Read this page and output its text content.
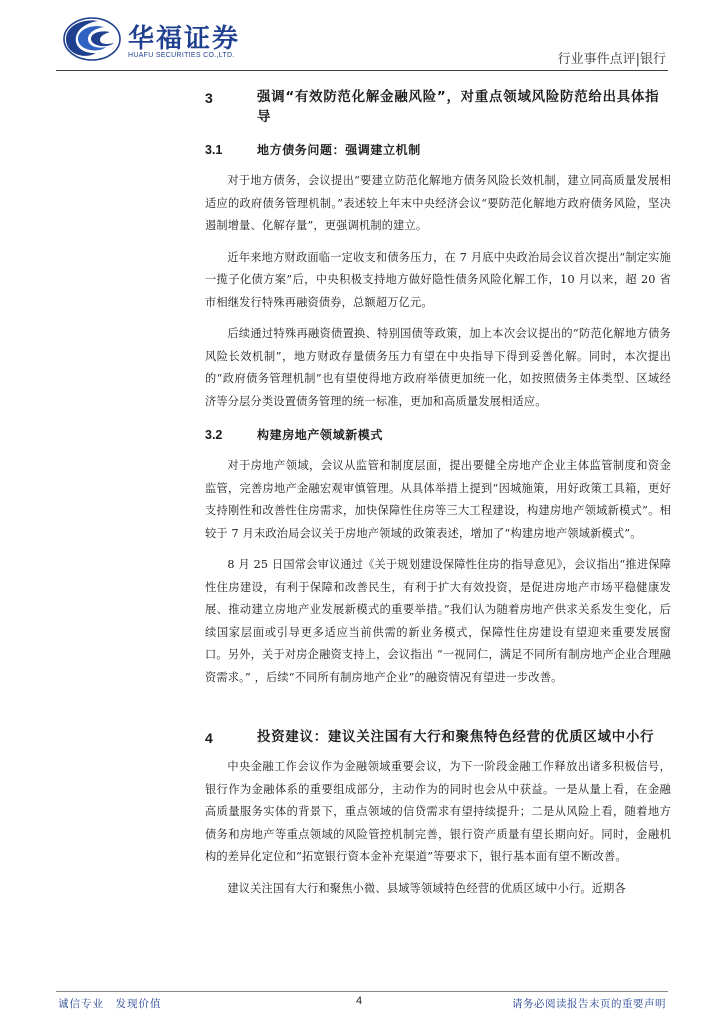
华福证券
HUAFU SECURITIES CO.,LTD.	行业事件点评|银行
3	强调“有效防范化解金融风险”，对重点领域风险防范给出具体指导
3.1	地方债务问题：强调建立机制

对于地方债务，会议提出“要建立防范化解地方债务风险长效机制，建立同高质量发展相适应的政府债务管理机制。”表述较上年末中央经济会议“要防范化解地方政府债务风险，坚决遏制增量、化解存量”，更强调机制的建立。

近年来地方财政面临一定收支和债务压力，在 7 月底中央政治局会议首次提出“制定实施一揽子化债方案”后，中央积极支持地方做好隐性债务风险化解工作，10 月以来，超 20 省市相继发行特殊再融资债券，总额超万亿元。

后续通过特殊再融资债置换、特别国债等政策，加上本次会议提出的“防范化解地方债务风险长效机制”，地方财政存量债务压力有望在中央指导下得到妥善化解。同时，本次提出的“政府债务管理机制”也有望使得地方政府举债更加统一化，如按照债务主体类型、区域经济等分层分类设置债务管理的统一标准，更加和高质量发展相适应。

3.2	构建房地产领域新模式

对于房地产领域，会议从监管和制度层面，提出要健全房地产企业主体监管制度和资金监管，完善房地产金融宏观审慎管理。从具体举措上提到“因城施策，用好政策工具箱，更好支持刚性和改善性住房需求，加快保障性住房等三大工程建设，构建房地产领域新模式”。相较于 7 月末政治局会议关于房地产领域的政策表述，增加了“构建房地产领域新模式”。

8 月 25 日国常会审议通过《关于规划建设保障性住房的指导意见》，会议指出“推进保障性住房建设，有利于保障和改善民生，有利于扩大有效投资，是促进房地产市场平稳健康发展、推动建立房地产业发展新模式的重要举措。”我们认为随着房地产供求关系发生变化，后续国家层面或引导更多适应当前供需的新业务模式，保障性住房建设有望迎来重要发展窗口。另外，关于对房企融资支持上，会议指出 “一视同仁，满足不同所有制房地产企业合理融资需求。” ，后续“不同所有制房地产企业”的融资情况有望进一步改善。

4	投资建议：建议关注国有大行和聚焦特色经营的优质区域中小行

中央金融工作会议作为金融领域重要会议，为下一阶段金融工作释放出诸多积极信号，银行作为金融体系的重要组成部分，主动作为的同时也会从中获益。一是从量上看，在金融高质量服务实体的背景下，重点领域的信贷需求有望持续提升；二是从风险上看，随着地方债务和房地产等重点领域的风险管控机制完善，银行资产质量有望长期向好。同时，金融机构的差异化定位和“拓宽银行资本金补充渠道”等要求下，银行基本面有望不断改善。

建议关注国有大行和聚焦小微、县域等领域特色经营的优质区域中小行。近期各

诚信专业　发现价值	4	请务必阅读报告末页的重要声明
